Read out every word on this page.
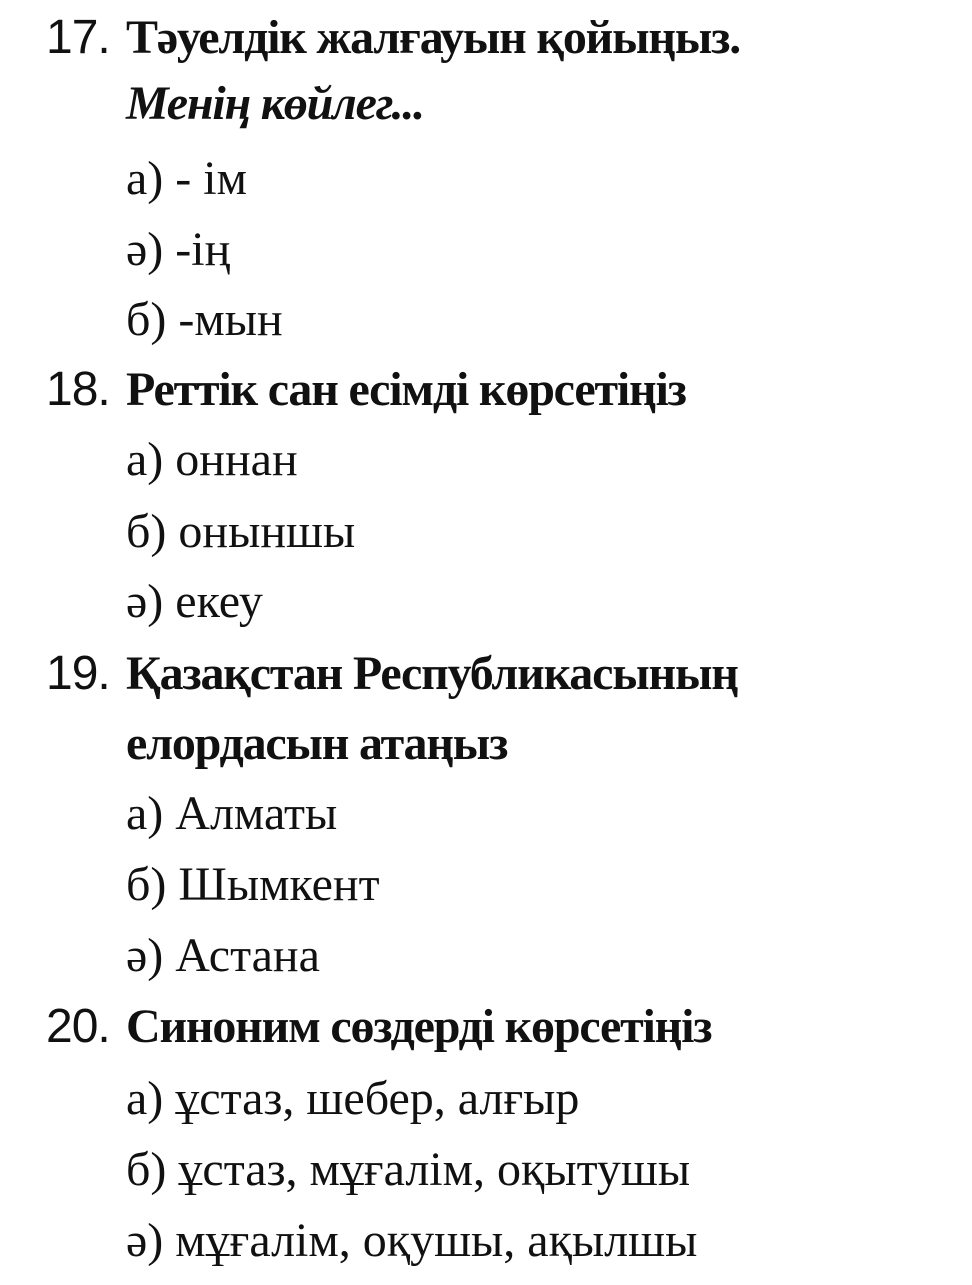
17. Тәуелдік жалғауын қойыңыз.
Менің көйлег...
а) - ім
ә) -ің
б) -мын
18. Реттік сан есімді көрсетіңіз
а) оннан
б) оныншы
ә) екеу
19. Қазақстан Республикасының
елордасын атаңыз
а) Алматы
б) Шымкент
ә) Астана
20. Синоним сөздерді көрсетіңіз
а) ұстаз, шебер, алғыр
б) ұстаз, мұғалім, оқытушы
ә) мұғалім, оқушы, ақылшы
